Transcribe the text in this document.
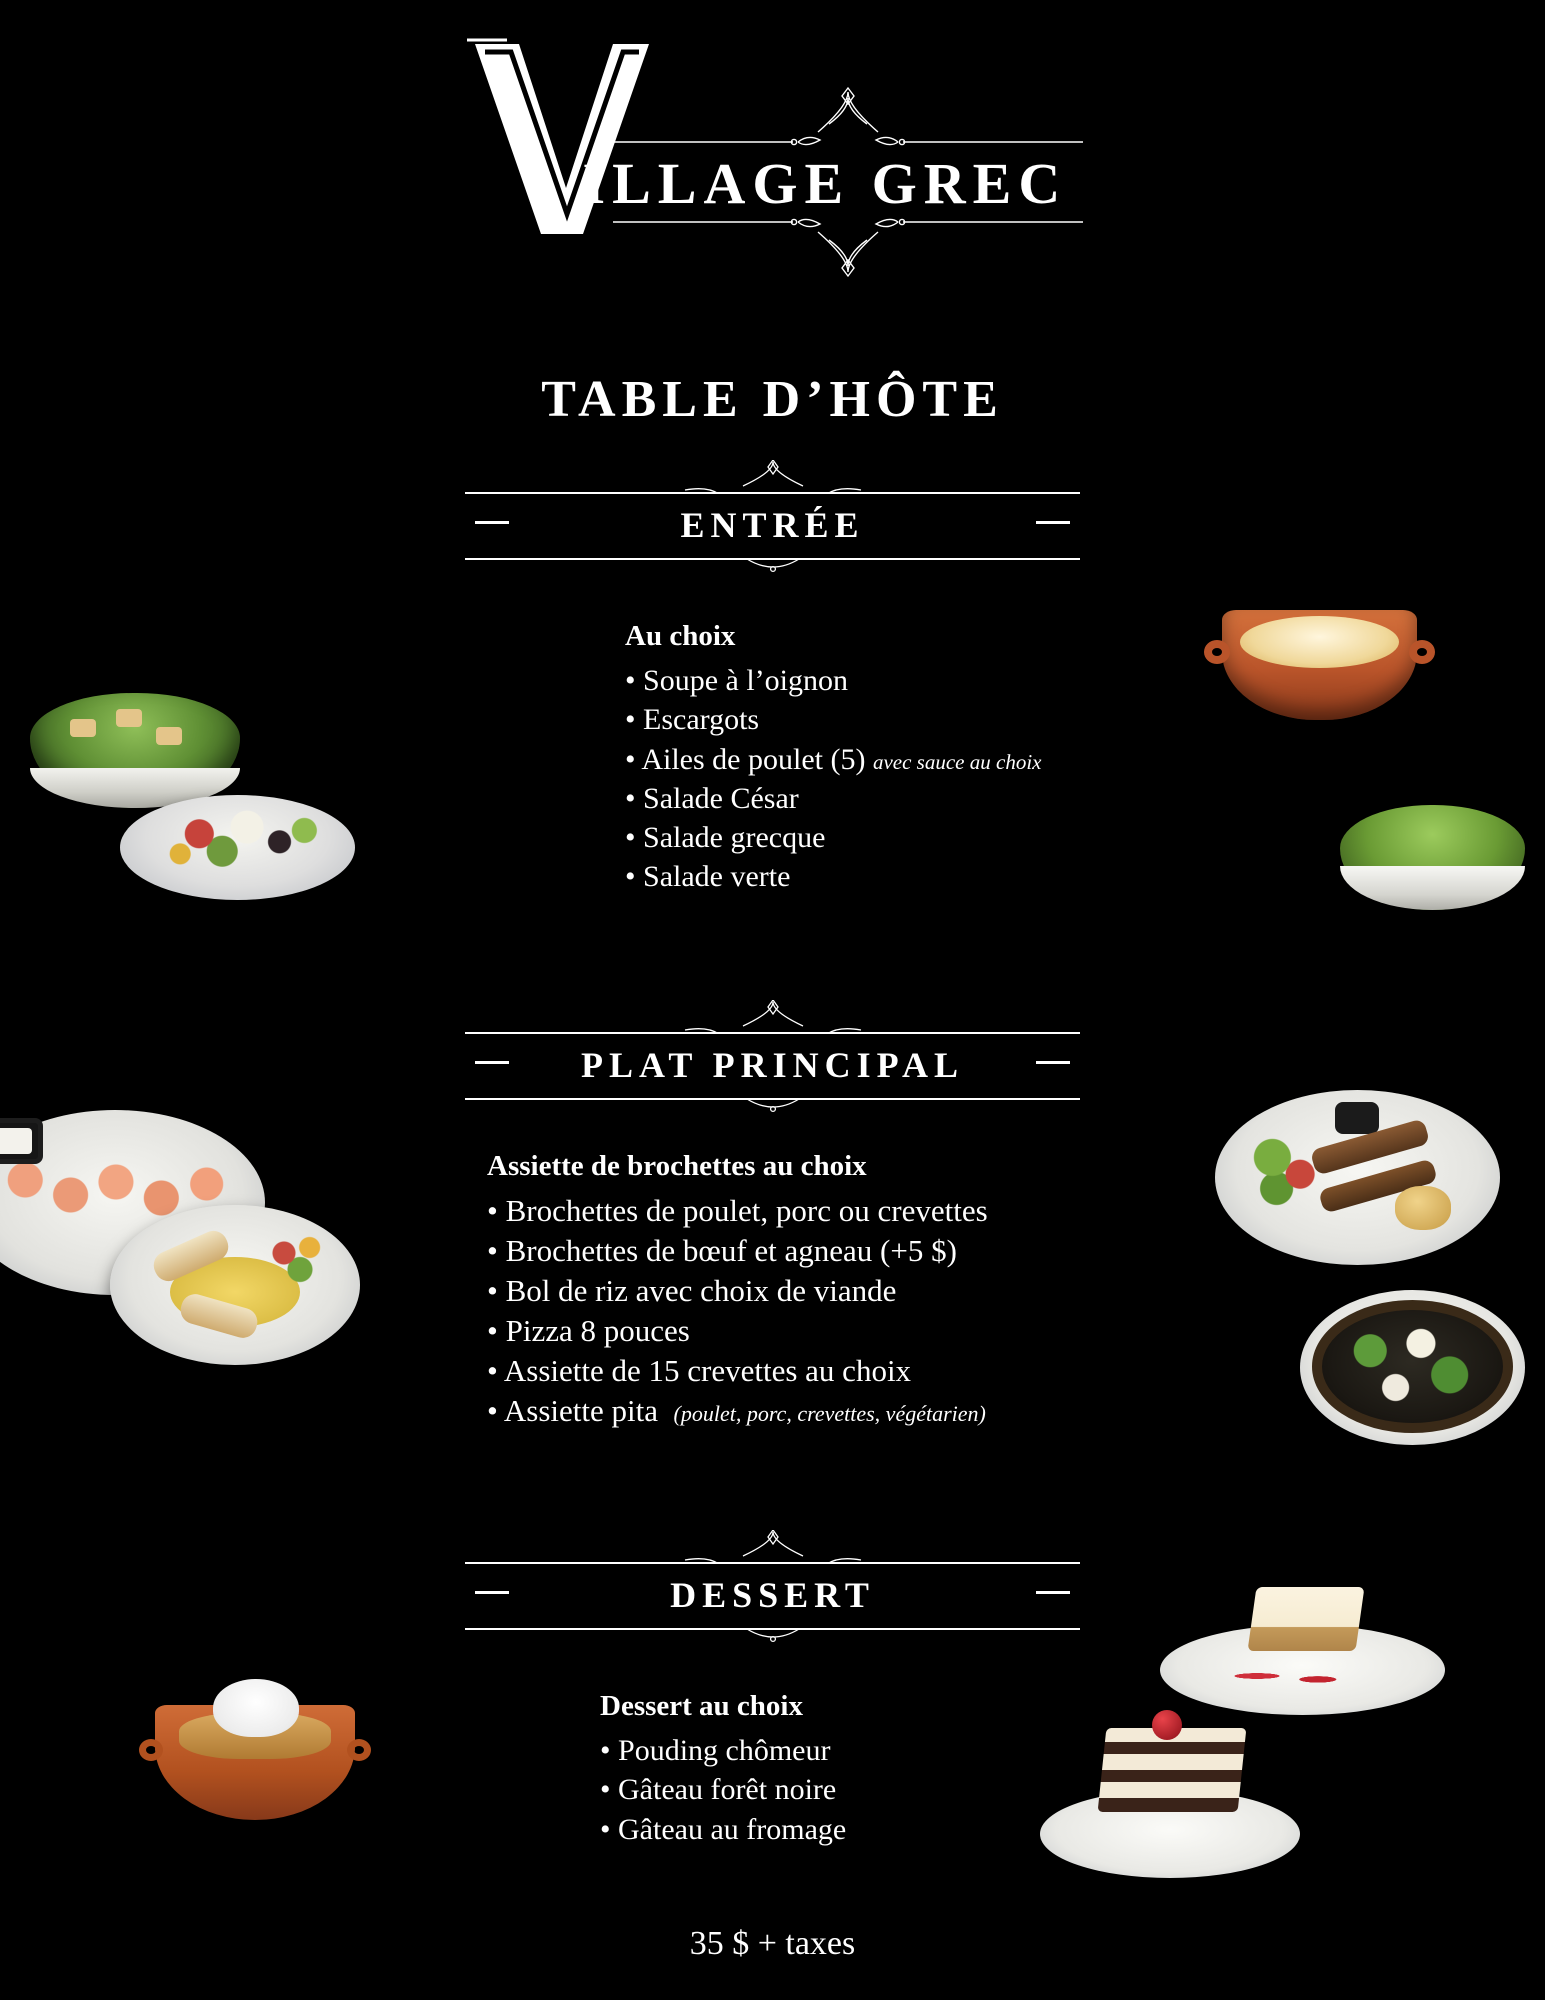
ILLAGE GREC
TABLE D’HÔTE
ENTRÉE
Au choix
• Soupe à l’oignon
• Escargots
• Ailes de poulet (5) avec sauce au choix
• Salade César
• Salade grecque
• Salade verte
PLAT PRINCIPAL
Assiette de brochettes au choix
• Brochettes de poulet, porc ou crevettes
• Brochettes de bœuf et agneau (+5 $)
• Bol de riz avec choix de viande
• Pizza 8 pouces
• Assiette de 15 crevettes au choix
• Assiette pita (poulet, porc, crevettes, végétarien)
DESSERT
Dessert au choix
• Pouding chômeur
• Gâteau forêt noire
• Gâteau au fromage
35 $ + taxes
